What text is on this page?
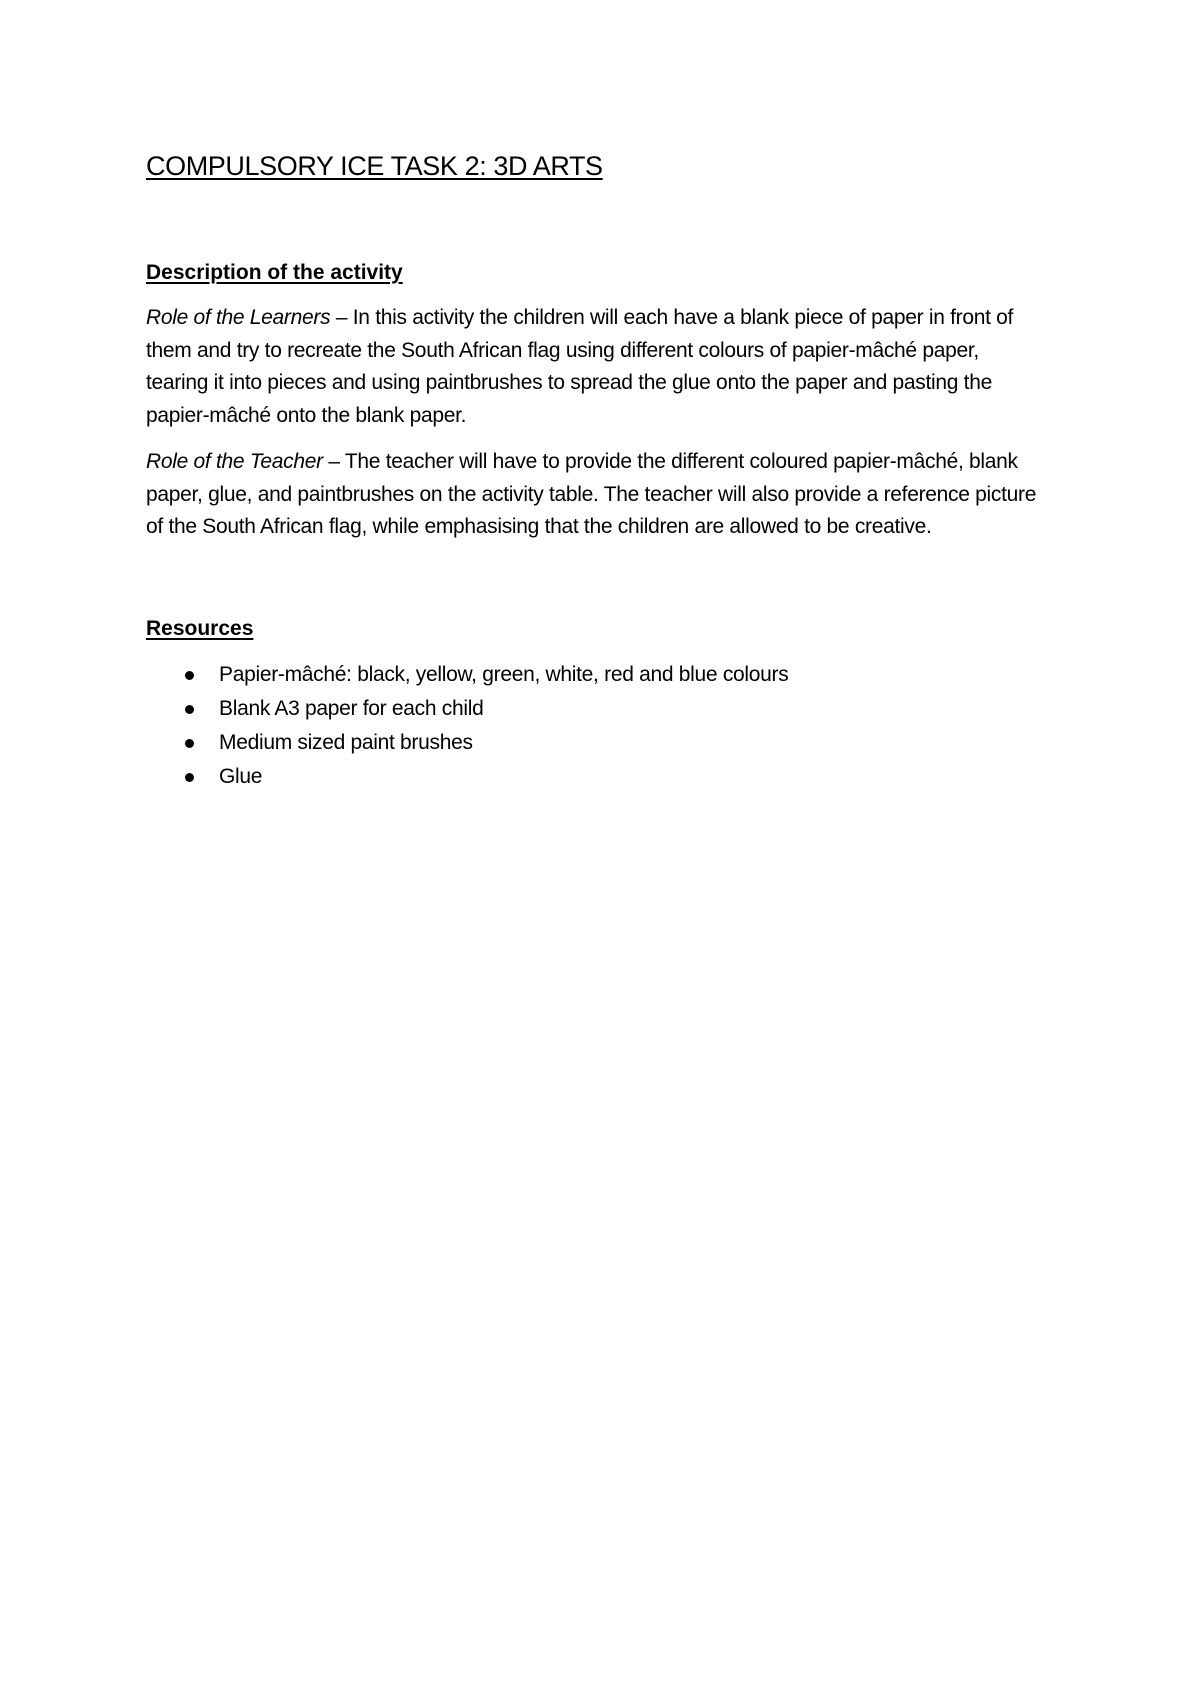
COMPULSORY ICE TASK 2: 3D ARTS
Description of the activity

Role of the Learners – In this activity the children will each have a blank piece of paper in front of them and try to recreate the South African flag using different colours of papier-mâché paper, tearing it into pieces and using paintbrushes to spread the glue onto the paper and pasting the papier-mâché onto the blank paper.

Role of the Teacher – The teacher will have to provide the different coloured papier-mâché, blank paper, glue, and paintbrushes on the activity table. The teacher will also provide a reference picture of the South African flag, while emphasising that the children are allowed to be creative.

Resources
Papier-mâché: black, yellow, green, white, red and blue colours
Blank A3 paper for each child
Medium sized paint brushes
Glue
